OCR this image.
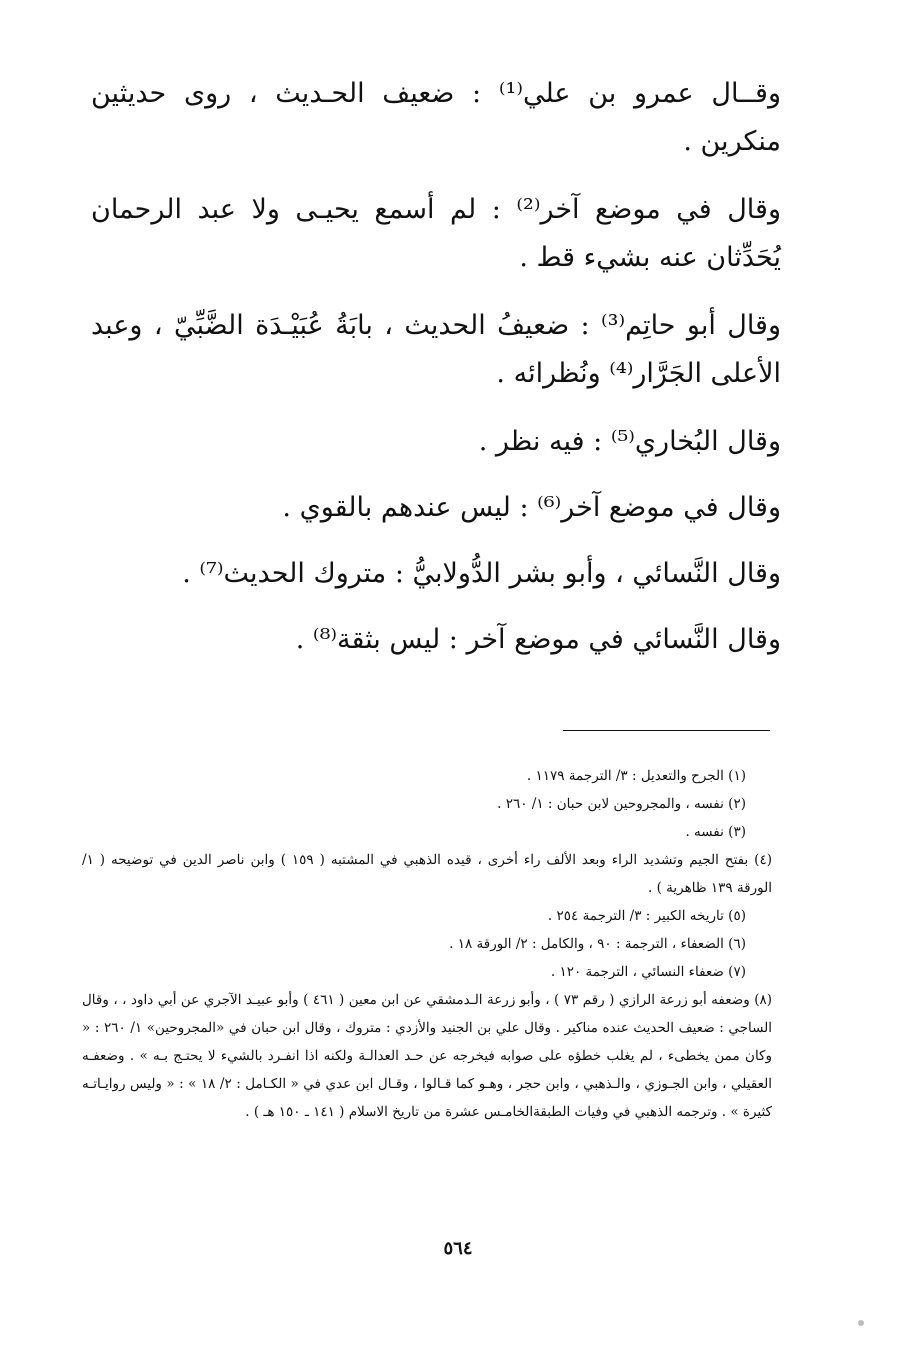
وقــال عمرو بن علي⁽¹⁾ : ضعيف الحـديث ، روى حديثين منكرين .

وقال في موضع آخر⁽²⁾ : لم أسمع يحيـى ولا عبد الرحمان يُحَدِّثان عنه بشيء قط .

وقال أبو حاتِم⁽³⁾ : ضعيفُ الحديث ، بابَةُ عُبَيْـدَة الضَّبِّيّ ، وعبد الأعلى الجَرَّار⁽⁴⁾ ونُظرائه .

وقال البُخاري⁽⁵⁾ : فيه نظر .

وقال في موضع آخر⁽⁶⁾ : ليس عندهم بالقوي .

وقال النَّسائي ، وأبو بشر الدُّولابيُّ : متروك الحديث⁽⁷⁾ .

وقال النَّسائي في موضع آخر : ليس بثقة⁽⁸⁾ .

(١) الجرح والتعديل : ٣/ الترجمة ١١٧٩ .

(٢) نفسه ، والمجروحين لابن حبان : ١/ ٢٦٠ .

(٣) نفسه .

(٤) بفتح الجيم وتشديد الراء وبعد الألف راء أخرى ، قيده الذهبي في المشتبه ( ١٥٩ ) وابن ناصر الدين في توضيحه ( ١/ الورقة ١٣٩ ظاهرية ) .

(٥) تاريخه الكبير : ٣/ الترجمة ٢٥٤ .

(٦) الضعفاء ، الترجمة : ٩٠ ، والكامل : ٢/ الورقة ١٨ .

(٧) ضعفاء النسائي ، الترجمة ١٢٠ .

(٨) وضعفه أبو زرعة الرازي ( رقم ٧٣ ) ، وأبو زرعة الـدمشقي عن ابن معين ( ٤٦١ ) وأبو عبيـد الآجري عن أبي داود ، ، وقال الساجي : ضعيف الحديث عنده مناكير . وقال علي بن الجنيد والأزدي : متروك ، وقال ابن حبان في «المجروحين» ١/ ٢٦٠ : « وكان ممن يخطىء ، لم يغلب خطؤه على صوابه فيخرجه عن حـد العدالـة ولكنه اذا انفـرد بالشيء لا يحتـج بـه » . وضعفـه العقيلي ، وابن الجـوزي ، والـذهبي ، وابن حجر ، وهـو كما قـالوا ، وقـال ابن عدي في « الكـامل : ٢/ ١٨ » : « وليس روايـاتـه كثيرة » . وترجمه الذهبي في وفيات الطبقةالخامـس عشرة من تاريخ الاسلام ( ١٤١ ـ ١٥٠ هـ ) .

٥٦٤
